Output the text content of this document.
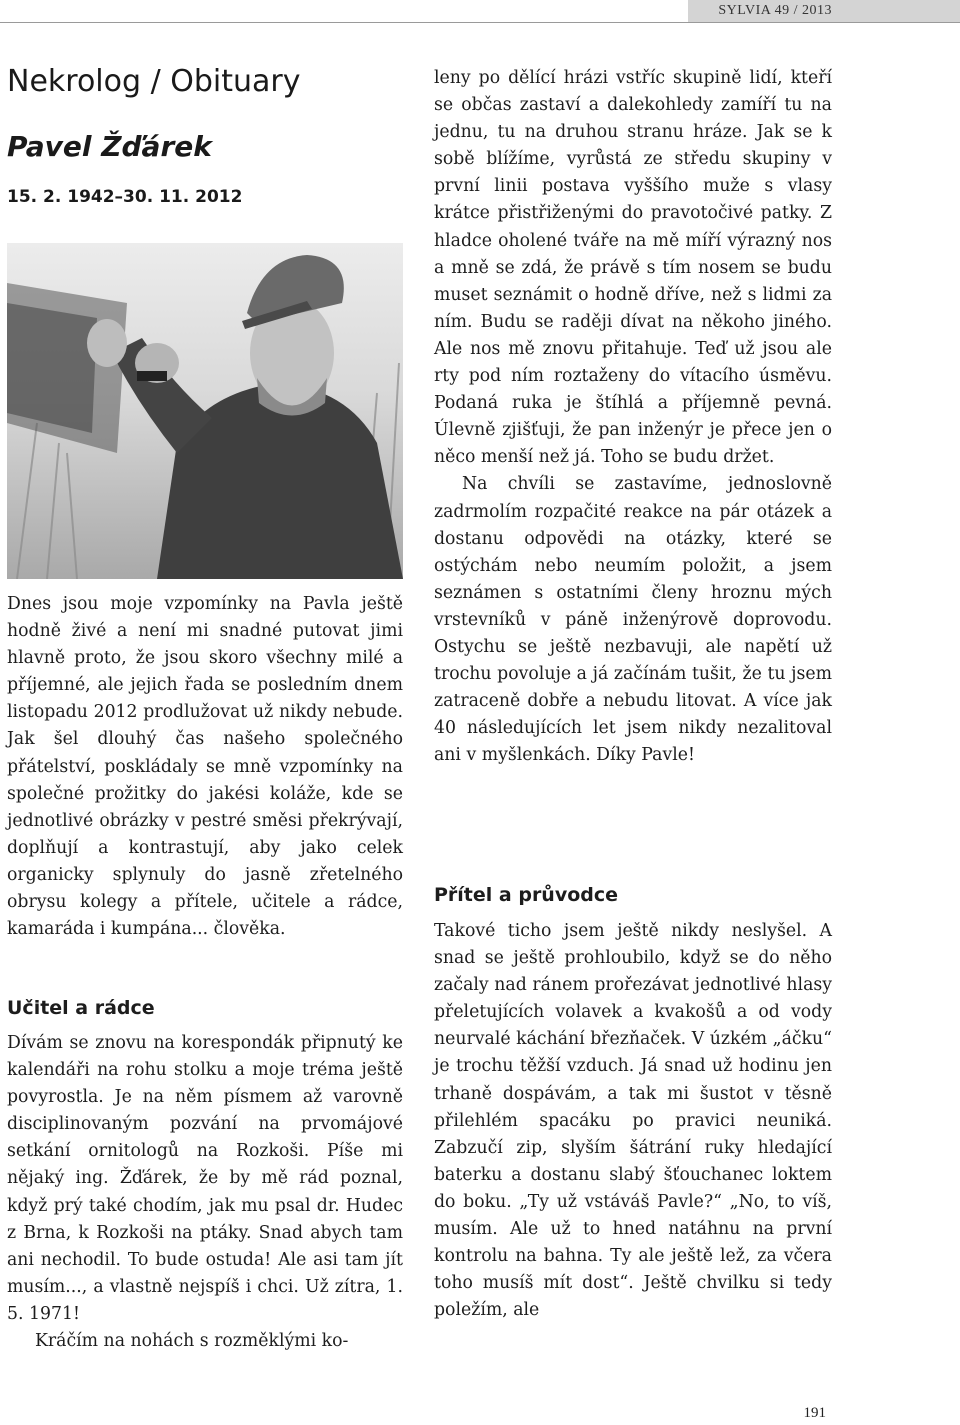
SYLVIA 49 / 2013
Nekrolog / Obituary
Pavel Žďárek
15. 2. 1942–30. 11. 2012

Dnes jsou moje vzpomínky na Pavla ještě hodně živé a není mi snadné putovat jimi hlavně proto, že jsou skoro všechny milé a příjemné, ale jejich řada se posledním dnem listopadu 2012 prodlužovat už nikdy nebude. Jak šel dlouhý čas našeho společného přátelství, poskládaly se mně vzpomínky na společné prožitky do jakési koláže, kde se jednotlivé obrázky v pestré směsi překrývají, doplňují a kontrastují, aby jako celek organicky splynuly do jasně zřetelného obrysu kolegy a přítele, učitele a rádce, kamaráda i kumpána... člověka.

Učitel a rádce

Dívám se znovu na korespondák připnutý ke kalendáři na rohu stolku a moje tréma ještě povyrostla. Je na něm písmem až varovně disciplinovaným pozvání na prvomájové setkání ornitologů na Rozkoši. Píše mi nějaký ing. Žďárek, že by mě rád poznal, když prý také chodím, jak mu psal dr. Hudec z Brna, k Rozkoši na ptáky. Snad abych tam ani nechodil. To bude ostuda! Ale asi tam jít musím..., a vlastně nejspíš i chci. Už zítra, 1. 5. 1971!

Kráčím na nohách s rozměklými ko-

leny po dělící hrázi vstříc skupině lidí, kteří se občas zastaví a dalekohledy zamíří tu na jednu, tu na druhou stranu hráze. Jak se k sobě blížíme, vyrůstá ze středu skupiny v první linii postava vyššího muže s vlasy krátce přistřiženými do pravotočivé patky. Z hladce oholené tváře na mě míří výrazný nos a mně se zdá, že právě s tím nosem se budu muset seznámit o hodně dříve, než s lidmi za ním. Budu se raději dívat na někoho jiného. Ale nos mě znovu přitahuje. Teď už jsou ale rty pod ním roztaženy do vítacího úsměvu. Podaná ruka je štíhlá a příjemně pevná. Úlevně zjišťuji, že pan inženýr je přece jen o něco menší než já. Toho se budu držet.

Na chvíli se zastavíme, jednoslovně zadrmolím rozpačité reakce na pár otázek a dostanu odpovědi na otázky, které se ostýchám nebo neumím položit, a jsem seznámen s ostatními členy hroznu mých vrstevníků v páně inženýrově doprovodu. Ostychu se ještě nezbavuji, ale napětí už trochu povoluje a já začínám tušit, že tu jsem zatraceně dobře a nebudu litovat. A více jak 40 následujících let jsem nikdy nezalitoval ani v myšlenkách. Díky Pavle!

Přítel a průvodce

Takové ticho jsem ještě nikdy neslyšel. A snad se ještě prohloubilo, když se do něho začaly nad ránem prořezávat jednotlivé hlasy přeletujících volavek a kvakošů a od vody neurvalé káchání březňaček. V úzkém „áčku“ je trochu těžší vzduch. Já snad už hodinu jen trhaně dospávám, a tak mi šustot v těsně přilehlém spacáku po pravici neuniká. Zabzučí zip, slyším šátrání ruky hledající baterku a dostanu slabý šťouchanec loktem do boku. „Ty už vstáváš Pavle?“ „No, to víš, musím. Ale už to hned natáhnu na první kontrolu na bahna. Ty ale ještě lež, za včera toho musíš mít dost“. Ještě chvilku si tedy poležím, ale

191
